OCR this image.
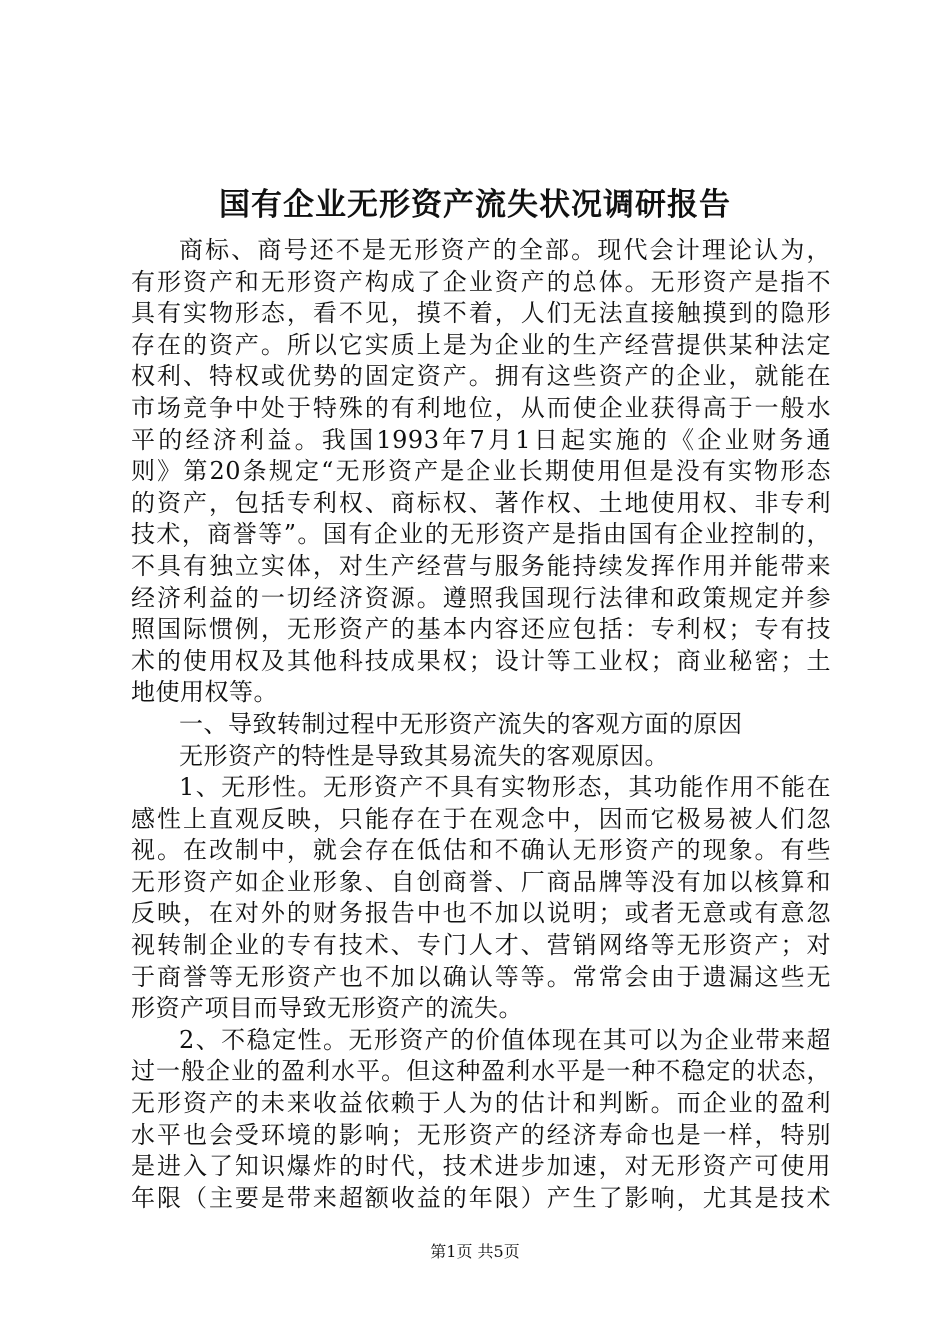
国有企业无形资产流失状况调研报告
商标、商号还不是无形资产的全部。现代会计理论认为，
有形资产和无形资产构成了企业资产的总体。无形资产是指不
具有实物形态，看不见，摸不着，人们无法直接触摸到的隐形
存在的资产。所以它实质上是为企业的生产经营提供某种法定
权利、特权或优势的固定资产。拥有这些资产的企业，就能在
市场竞争中处于特殊的有利地位，从而使企业获得高于一般水
平的经济利益。我国1993年7月1日起实施的《企业财务通
则》第20条规定“无形资产是企业长期使用但是没有实物形态
的资产，包括专利权、商标权、著作权、土地使用权、非专利
技术，商誉等”。国有企业的无形资产是指由国有企业控制的，
不具有独立实体，对生产经营与服务能持续发挥作用并能带来
经济利益的一切经济资源。遵照我国现行法律和政策规定并参
照国际惯例，无形资产的基本内容还应包括：专利权；专有技
术的使用权及其他科技成果权；设计等工业权；商业秘密；土
地使用权等。
一、导致转制过程中无形资产流失的客观方面的原因
无形资产的特性是导致其易流失的客观原因。
1、无形性。无形资产不具有实物形态，其功能作用不能在
感性上直观反映，只能存在于在观念中，因而它极易被人们忽
视。在改制中，就会存在低估和不确认无形资产的现象。有些
无形资产如企业形象、自创商誉、厂商品牌等没有加以核算和
反映，在对外的财务报告中也不加以说明；或者无意或有意忽
视转制企业的专有技术、专门人才、营销网络等无形资产；对
于商誉等无形资产也不加以确认等等。常常会由于遗漏这些无
形资产项目而导致无形资产的流失。
2、不稳定性。无形资产的价值体现在其可以为企业带来超
过一般企业的盈利水平。但这种盈利水平是一种不稳定的状态，
无形资产的未来收益依赖于人为的估计和判断。而企业的盈利
水平也会受环境的影响；无形资产的经济寿命也是一样，特别
是进入了知识爆炸的时代，技术进步加速，对无形资产可使用
年限（主要是带来超额收益的年限）产生了影响，尤其是技术
第1页 共5页
